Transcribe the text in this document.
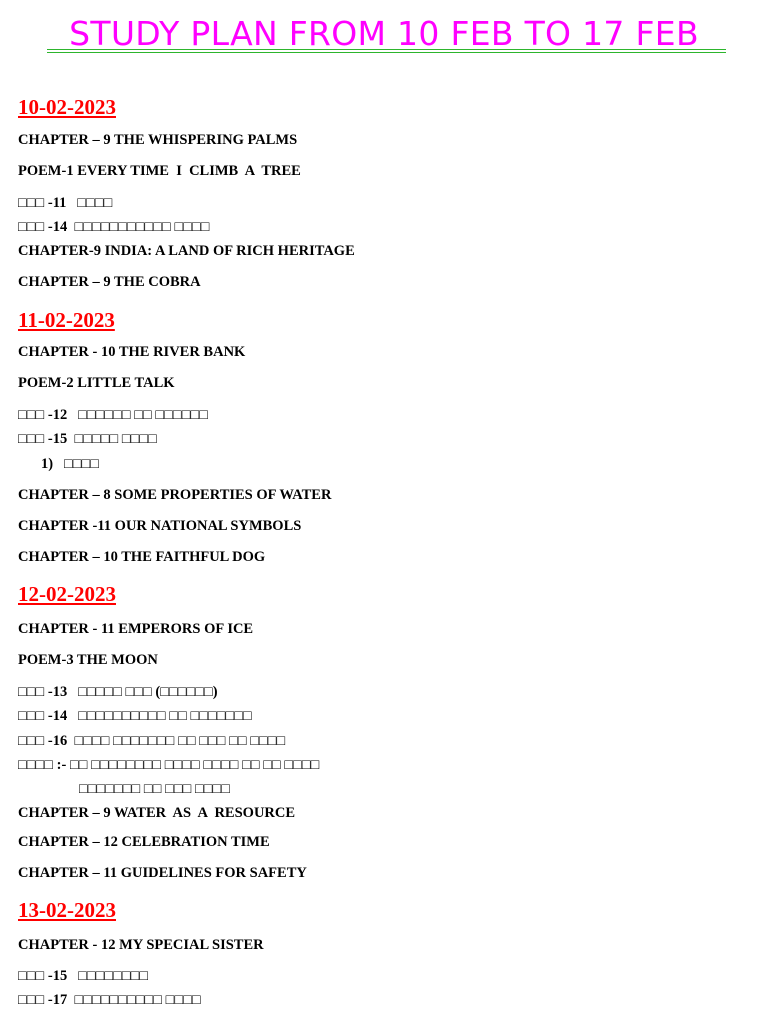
STUDY PLAN FROM 10 FEB TO 17 FEB
10-02-2023
CHAPTER – 9 THE WHISPERING PALMS
POEM-1 EVERY TIME  I  CLIMB  A  TREE
□□□ -11   □□□□
□□□ -14  □□□□□□□□□□□ □□□□
CHAPTER-9 INDIA: A LAND OF RICH HERITAGE
CHAPTER – 9 THE COBRA
11-02-2023
CHAPTER - 10 THE RIVER BANK
POEM-2 LITTLE TALK
□□□ -12   □□□□□□ □□ □□□□□□
□□□ -15  □□□□□ □□□□
1) □□□□
CHAPTER – 8 SOME PROPERTIES OF WATER
CHAPTER -11 OUR NATIONAL SYMBOLS
CHAPTER – 10 THE FAITHFUL DOG
12-02-2023
CHAPTER - 11 EMPERORS OF ICE
POEM-3 THE MOON
□□□ -13   □□□□□ □□□ (□□□□□□)
□□□ -14   □□□□□□□□□□ □□ □□□□□□□
□□□ -16  □□□□ □□□□□□□ □□ □□□ □□ □□□□
□□□□ :- □□ □□□□□□□□ □□□□ □□□□ □□ □□ □□□□
□□□□□□□ □□ □□□ □□□□
CHAPTER – 9 WATER  AS  A  RESOURCE
CHAPTER – 12 CELEBRATION TIME
CHAPTER – 11 GUIDELINES FOR SAFETY
13-02-2023
CHAPTER - 12 MY SPECIAL SISTER
□□□ -15   □□□□□□□□
□□□ -17  □□□□□□□□□□ □□□□
